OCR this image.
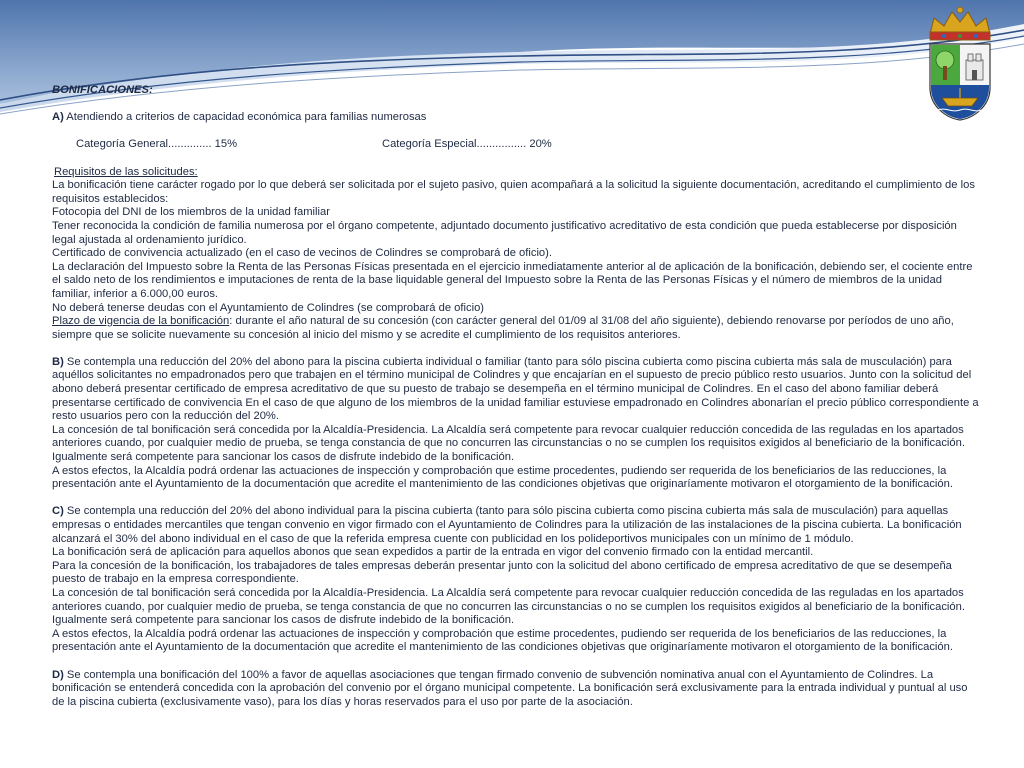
BONIFICACIONES:

A) Atendiendo a criterios de capacidad económica para familias numerosas

Categoría General.............. 15%	Categoría Especial................ 20%

Requisitos de las solicitudes:

La bonificación tiene carácter rogado por lo que deberá ser solicitada por el sujeto pasivo, quien acompañará a la solicitud la siguiente documentación, acreditando el cumplimiento de los requisitos establecidos:

Fotocopia del DNI de los miembros de la unidad familiar

Tener reconocida la condición de familia numerosa por el órgano competente, adjuntado documento justificativo acreditativo de esta condición que pueda establecerse por disposición legal ajustada al ordenamiento jurídico.

Certificado de convivencia actualizado (en el caso de vecinos de Colindres se comprobará de oficio).

La declaración del Impuesto sobre la Renta de las Personas Físicas presentada en el ejercicio inmediatamente anterior al de aplicación de la bonificación, debiendo ser, el cociente entre el saldo neto de los rendimientos e imputaciones de renta de la base liquidable general del Impuesto sobre la Renta de las Personas Físicas y el número de miembros de la unidad familiar, inferior a 6.000,00 euros.

No deberá tenerse deudas con el Ayuntamiento de Colindres (se comprobará de oficio)

Plazo de vigencia de la bonificación: durante el año natural de su concesión (con carácter general del 01/09 al 31/08 del año siguiente), debiendo renovarse por períodos de uno año, siempre que se solicite nuevamente su concesión al inicio del mismo y se acredite el cumplimiento de los requisitos anteriores.

B) Se contempla una reducción del 20% del abono para la piscina cubierta individual o familiar (tanto para sólo piscina cubierta como piscina cubierta más sala de musculación) para aquéllos solicitantes no empadronados pero que trabajen en el término municipal de Colindres y que encajarían en el supuesto de precio público resto usuarios. Junto con la solicitud del abono deberá presentar certificado de empresa acreditativo de que su puesto de trabajo se desempeña en el término municipal de Colindres. En el caso del abono familiar deberá presentarse certificado de convivencia En el caso de que alguno de los miembros de la unidad familiar estuviese empadronado en Colindres abonarían el precio público correspondiente a resto usuarios pero con la reducción del 20%.

La concesión de tal bonificación será concedida por la Alcaldía-Presidencia. La Alcaldía será competente para revocar cualquier reducción concedida de las reguladas en los apartados anteriores cuando, por cualquier medio de prueba, se tenga constancia de que no concurren las circunstancias o no se cumplen los requisitos exigidos al beneficiario de la bonificación.

Igualmente será competente para sancionar los casos de disfrute indebido de la bonificación.

A estos efectos, la Alcaldía podrá ordenar las actuaciones de inspección y comprobación que estime procedentes, pudiendo ser requerida de los beneficiarios de las reducciones, la presentación ante el Ayuntamiento de la documentación que acredite el mantenimiento de las condiciones objetivas que originaríamente motivaron el otorgamiento de la bonificación.

C) Se contempla una reducción del 20% del abono individual para la piscina cubierta (tanto para sólo piscina cubierta como piscina cubierta más sala de musculación) para aquellas empresas o entidades mercantiles que tengan convenio en vigor firmado con el Ayuntamiento de Colindres para la utilización de las instalaciones de la piscina cubierta. La bonificación alcanzará el 30% del abono individual en el caso de que la referida empresa cuente con publicidad en los polideportivos municipales con un mínimo de 1 módulo.

La bonificación será de aplicación para aquellos abonos que sean expedidos a partir de la entrada en vigor del convenio firmado con la entidad mercantil.

Para la concesión de la bonificación, los trabajadores de tales empresas deberán presentar junto con la solicitud del abono certificado de empresa acreditativo de que se desempeña puesto de trabajo en la empresa correspondiente.

La concesión de tal bonificación será concedida por la Alcaldía-Presidencia. La Alcaldía será competente para revocar cualquier reducción concedida de las reguladas en los apartados anteriores cuando, por cualquier medio de prueba, se tenga constancia de que no concurren las circunstancias o no se cumplen los requisitos exigidos al beneficiario de la bonificación.

Igualmente será competente para sancionar los casos de disfrute indebido de la bonificación.

A estos efectos, la Alcaldía podrá ordenar las actuaciones de inspección y comprobación que estime procedentes, pudiendo ser requerida de los beneficiarios de las reducciones, la presentación ante el Ayuntamiento de la documentación que acredite el mantenimiento de las condiciones objetivas que originaríamente motivaron el otorgamiento de la bonificación.

D) Se contempla una bonificación del 100% a favor de aquellas asociaciones que tengan firmado convenio de subvención nominativa anual con el Ayuntamiento de Colindres. La bonificación se entenderá concedida con la aprobación del convenio por el órgano municipal competente. La bonificación será exclusivamente para la entrada individual y puntual al uso de la piscina cubierta (exclusivamente vaso), para los días y horas reservados para el uso por parte de la asociación.
